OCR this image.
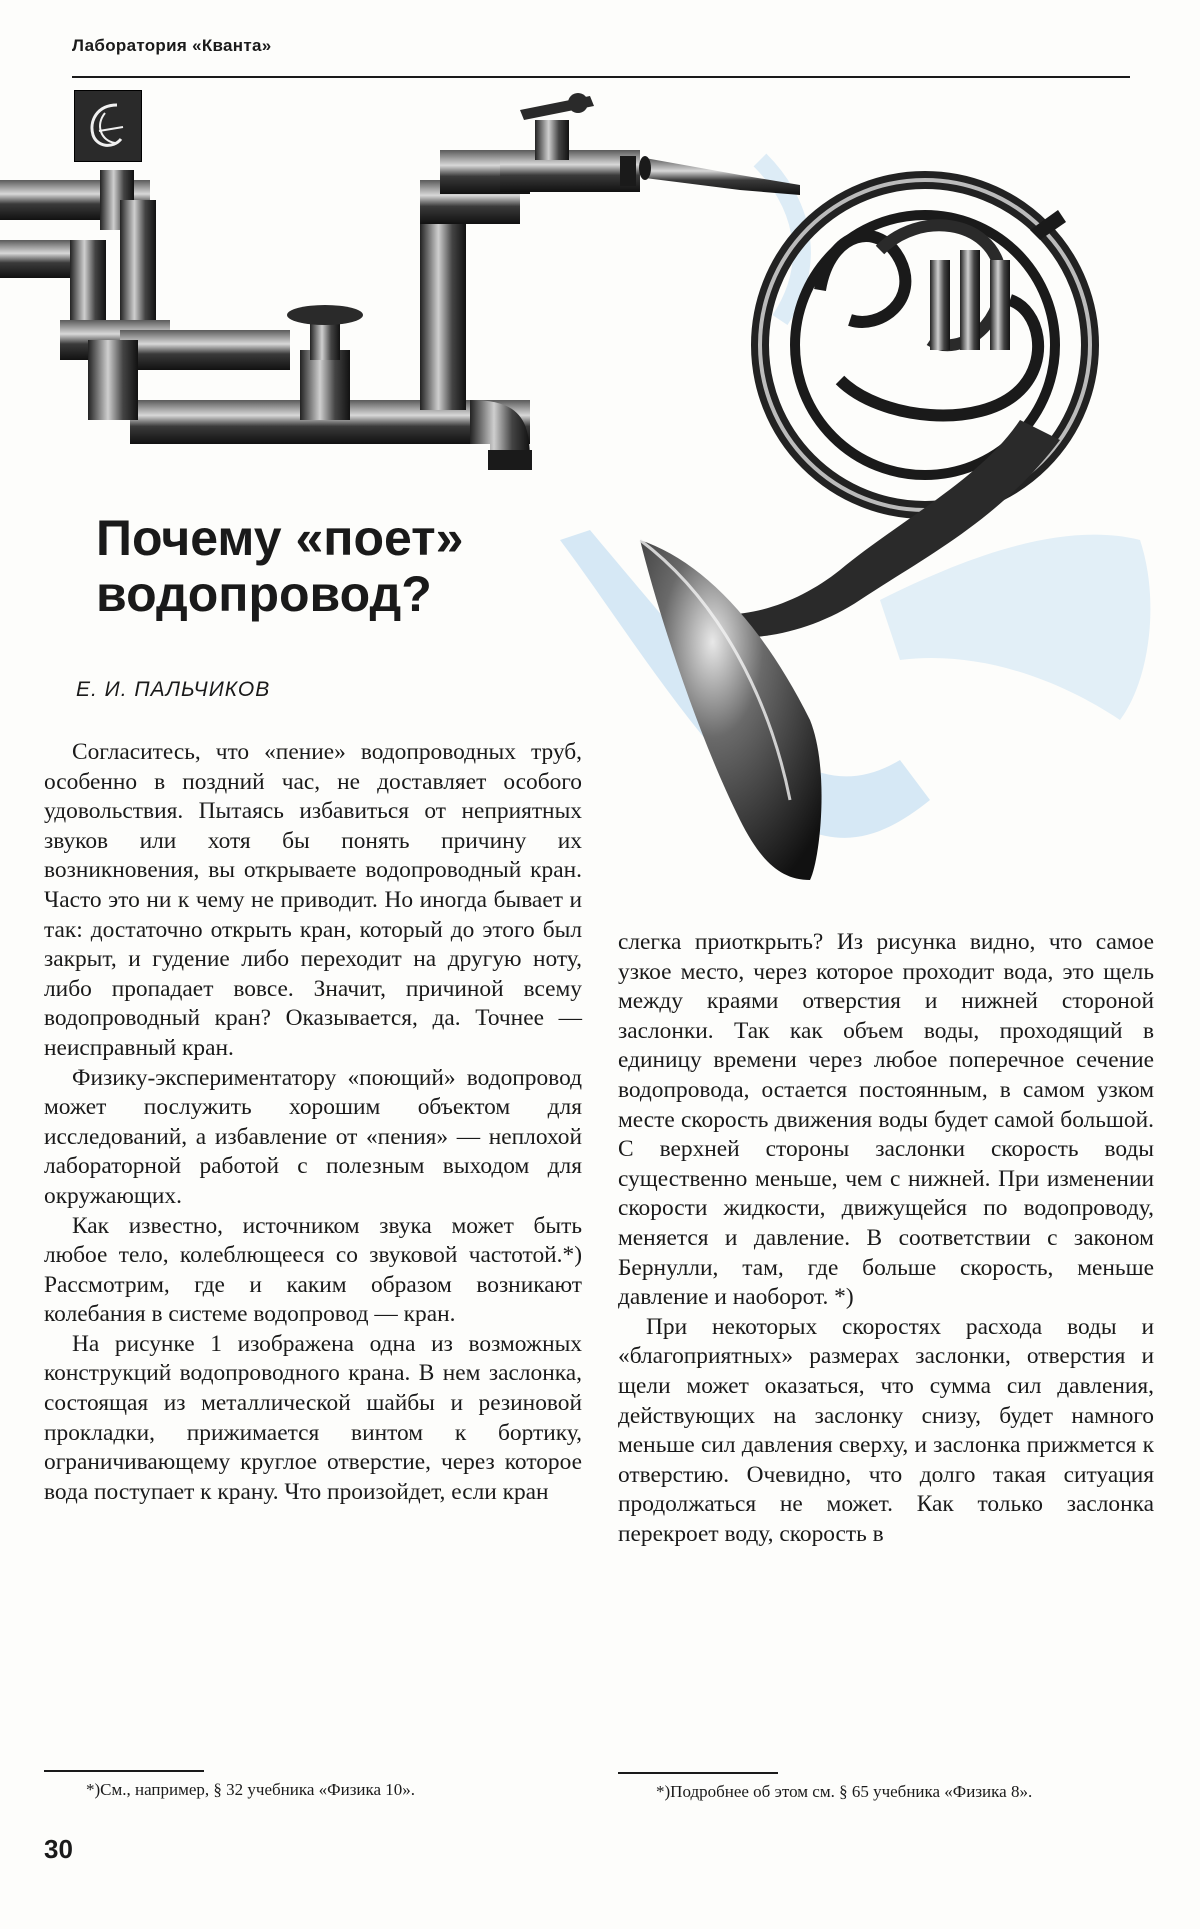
Лаборатория «Кванта»
Почему «поет»
водопровод?
Е. И. ПАЛЬЧИКОВ

Согласитесь, что «пение» водопроводных труб, особенно в поздний час, не доставляет особого удовольствия. Пытаясь избавиться от неприятных звуков или хотя бы понять причину их возникновения, вы открываете водопроводный кран. Часто это ни к чему не приводит. Но иногда бывает и так: достаточно открыть кран, который до этого был закрыт, и гудение либо переходит на другую ноту, либо пропадает вовсе. Значит, причиной всему водопроводный кран? Оказывается, да. Точнее — неисправный кран.

Физику-экспериментатору «поющий» водопровод может послужить хорошим объектом для исследований, а избавление от «пения» — неплохой лабораторной работой с полезным выходом для окружающих.

Как известно, источником звука может быть любое тело, колеблющееся со звуковой частотой.*) Рассмотрим, где и каким образом возникают колебания в системе водопровод — кран.

На рисунке 1 изображена одна из возможных конструкций водопроводного крана. В нем заслонка, состоящая из металлической шайбы и резиновой прокладки, прижимается винтом к бортику, ограничивающему круглое отверстие, через которое вода поступает к крану. Что произойдет, если кран

слегка приоткрыть? Из рисунка видно, что самое узкое место, через которое проходит вода, это щель между краями отверстия и нижней стороной заслонки. Так как объем воды, проходящий в единицу времени через любое поперечное сечение водопровода, остается постоянным, в самом узком месте скорость движения воды будет самой большой. С верхней стороны заслонки скорость воды существенно меньше, чем с нижней. При изменении скорости жидкости, движущейся по водопроводу, меняется и давление. В соответствии с законом Бернулли, там, где больше скорость, меньше давление и наоборот. *)

При некоторых скоростях расхода воды и «благоприятных» размерах заслонки, отверстия и щели может оказаться, что сумма сил давления, действующих на заслонку снизу, будет намного меньше сил давления сверху, и заслонка прижмется к отверстию. Очевидно, что долго такая ситуация продолжаться не может. Как только заслонка перекроет воду, скорость в

*)См., например, § 32 учебника «Физика 10».	*)Подробнее об этом см. § 65 учебника «Физика 8».
30
